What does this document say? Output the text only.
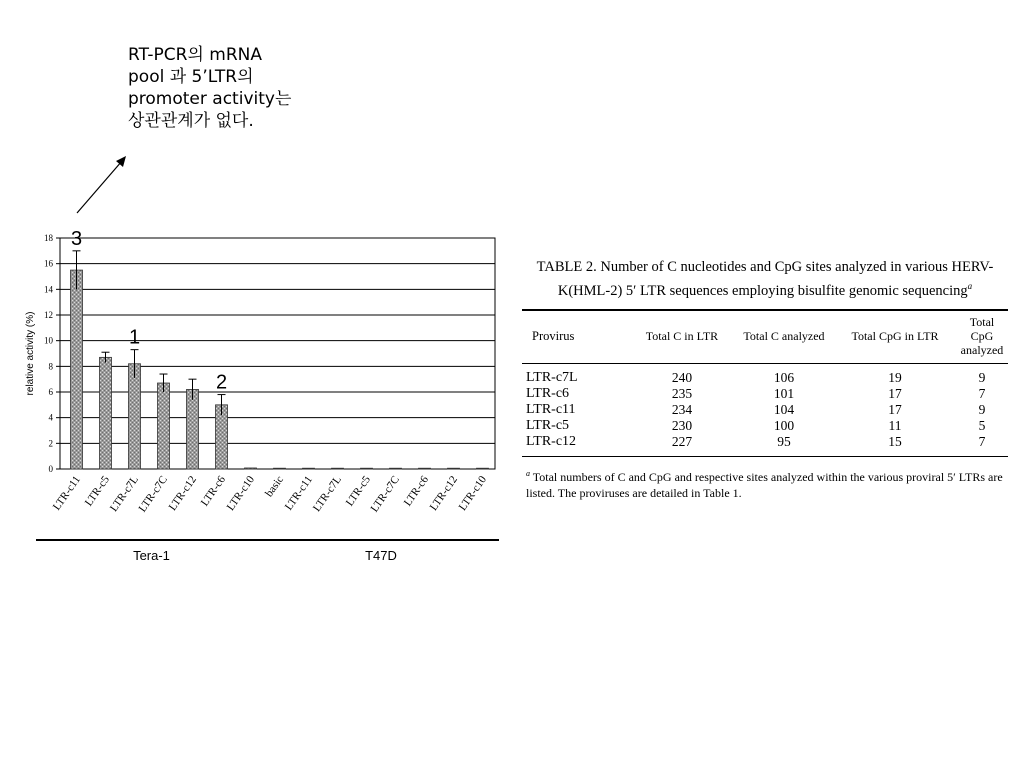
RT-PCR의 mRNA
pool 과 5’LTR의
promoter activity는
상관관계가 없다.
0
2
4
6
8
10
12
14
16
18
relative activity (%)
LTR-c11 LTR-c5
LTR-c7L
LTR-c7C
LTR-c12 LTR-c6
LTR-c10 basic
LTR-c11
LTR-c7L LTR-c5
LTR-c7C LTR-c6
LTR-c12
LTR-c10
Tera-1	T47D
3
1
2
TABLE 2. Number of C nucleotides and CpG sites analyzed in various HERV-K(HML-2) 5′ LTR sequences employing bisulfite genomic sequencing$^a$
Provirus	Total C in LTR	Total C analyzed	Total CpG in LTR	Total CpG analyzed
LTR-c7L	240	106	19	9
LTR-c6	235	101	17	7
LTR-c11	234	104	17	9
LTR-c5	230	100	11	5
LTR-c12	227	95	15	7
$^a$ Total numbers of C and CpG and respective sites analyzed within the various proviral 5′ LTRs are listed. The proviruses are detailed in Table 1.
